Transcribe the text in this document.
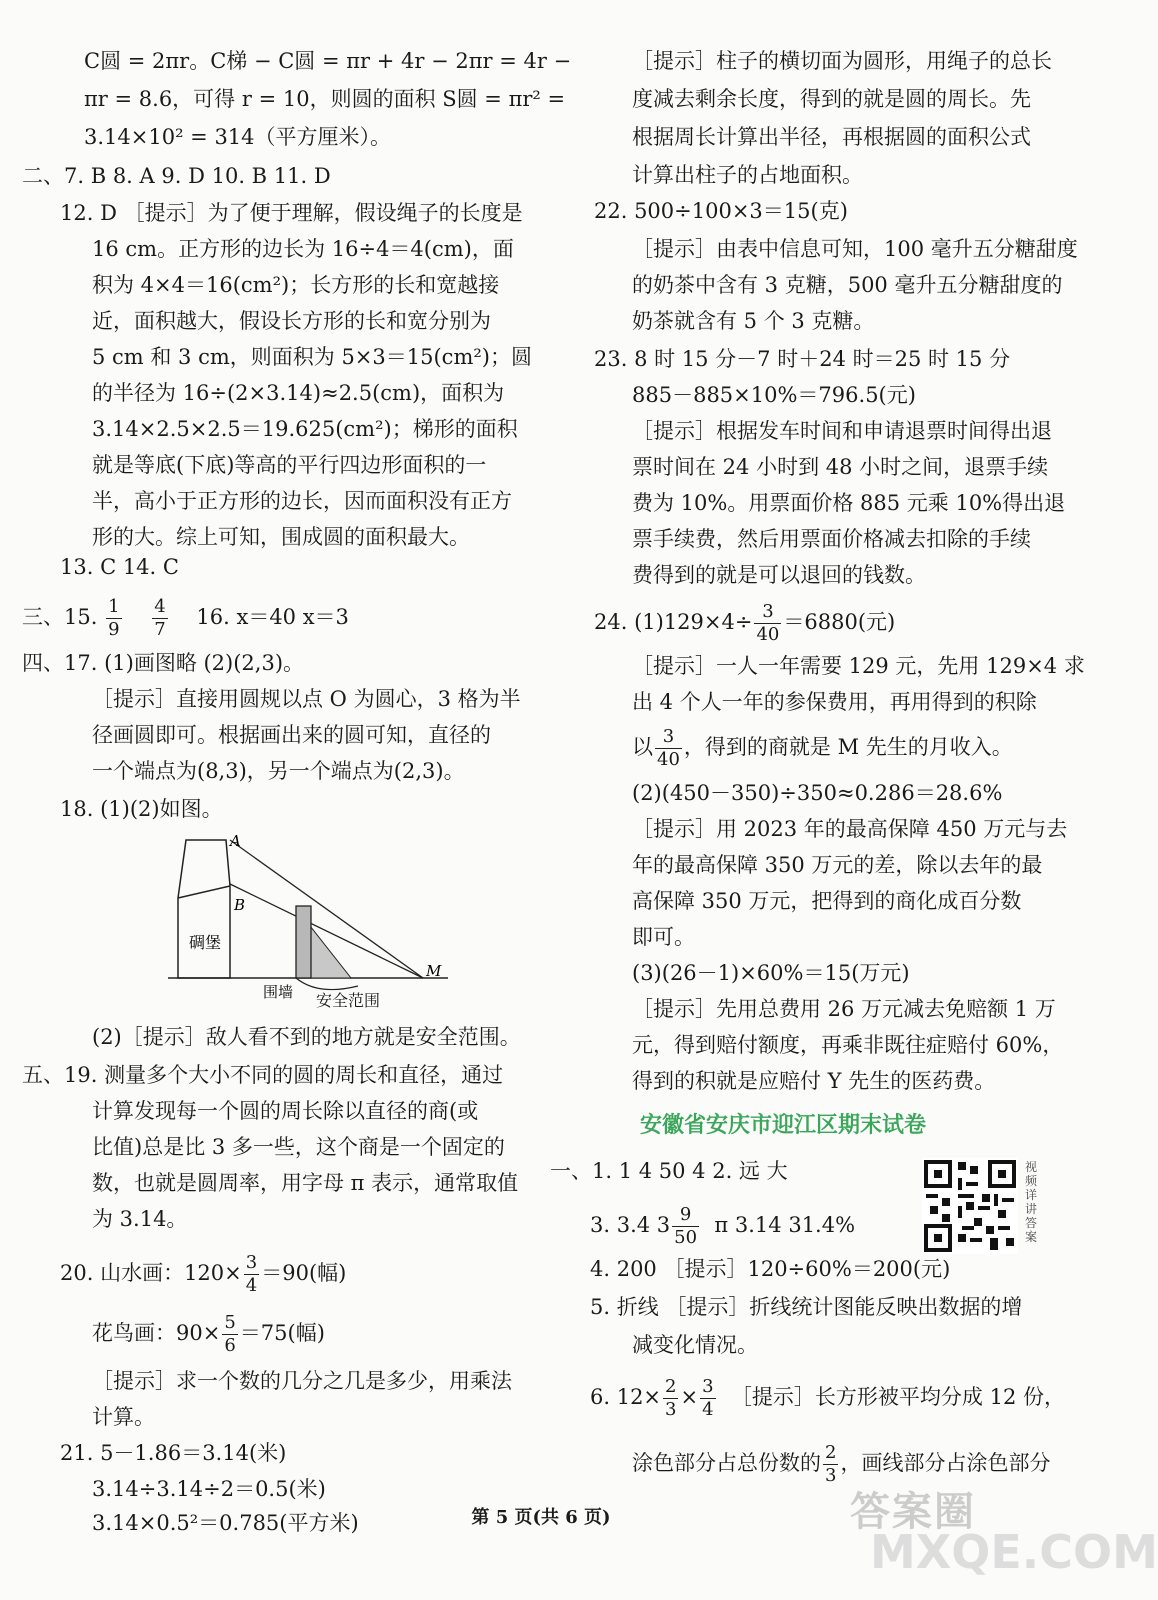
C圆 = 2πr。C梯 − C圆 = πr + 4r − 2πr = 4r −
πr = 8.6，可得 r = 10，则圆的面积 S圆 = πr² =
3.14×10² = 314（平方厘米）。
二、7. B 8. A 9. D 10. B 11. D
12. D ［提示］为了便于理解，假设绳子的长度是
16 cm。正方形的边长为 16÷4＝4(cm)，面
积为 4×4＝16(cm²)；长方形的长和宽越接
近，面积越大，假设长方形的长和宽分别为
5 cm 和 3 cm，则面积为 5×3＝15(cm²)；圆
的半径为 16÷(2×3.14)≈2.5(cm)，面积为
3.14×2.5×2.5＝19.625(cm²)；梯形的面积
就是等底(下底)等高的平行四边形面积的一
半，高小于正方形的边长，因而面积没有正方
形的大。综上可知，围成圆的面积最大。
13. C 14. C
三、15. $\frac{1}{9}$
$\frac{4}{7} 16$. x＝40 x＝3
四、17. (1)画图略 (2)(2,3)。
［提示］直接用圆规以点 O 为圆心，3 格为半
径画圆即可。根据画出来的圆可知，直径的
一个端点为(8,3)，另一个端点为(2,3)。
18. (1)(2)如图。
碉堡
A
B
M
围墙 安全范围
(2)［提示］敌人看不到的地方就是安全范围。
五、19. 测量多个大小不同的圆的周长和直径，通过
计算发现每一个圆的周长除以直径的商(或
比值)总是比 3 多一些，这个商是一个固定的
数，也就是圆周率，用字母 π 表示，通常取值
为 3.14。
20. 山水画：$120\times \frac{3}{4} =90$(幅)
花鸟画：$90\times \frac{5}{6} =75$(幅)
［提示］求一个数的几分之几是多少，用乘法
计算。
21. 5－1.86＝3.14(米)
3.14÷3.14÷2＝0.5(米)
3.14×0.5²＝0.785(平方米)
［提示］柱子的横切面为圆形，用绳子的总长
度减去剩余长度，得到的就是圆的周长。先
根据周长计算出半径，再根据圆的面积公式
计算出柱子的占地面积。
22. 500÷100×3＝15(克)
［提示］由表中信息可知，100 毫升五分糖甜度
的奶茶中含有 3 克糖，500 毫升五分糖甜度的
奶茶就含有 5 个 3 克糖。
23. 8 时 15 分－7 时＋24 时＝25 时 15 分
885－885×10%＝796.5(元)
［提示］根据发车时间和申请退票时间得出退
票时间在 24 小时到 48 小时之间，退票手续
费为 10%。用票面价格 885 元乘 10%得出退
票手续费，然后用票面价格减去扣除的手续
费得到的就是可以退回的钱数。
24. $(1)129\times 4\div \frac{3}{40} =6880$(元)
［提示］一人一年需要 129 元，先用 129×4 求
出 4 个人一年的参保费用，再用得到的积除
以 $\frac{3}{40}$ ，得到的商就是 M 先生的月收入。
(2)(450－350)÷350≈0.286＝28.6%
［提示］用 2023 年的最高保障 450 万元与去
年的最高保障 350 万元的差，除以去年的最
高保障 350 万元，把得到的商化成百分数
即可。
(3)(26－1)×60%＝15(万元)
［提示］先用总费用 26 万元减去免赔额 1 万
元，得到赔付额度，再乘非既往症赔付 60%，
得到的积就是应赔付 Y 先生的医药费。
安徽省安庆市迎江区期末试卷
一、1. 1 4 50 4 2. 远 大
3. 3.4 $3 \frac{9}{50}$ π 3.14 31.4%
4. 200 ［提示］120÷60%＝200(元)
5. 折线 ［提示］折线统计图能反映出数据的增
减变化情况。
6. $12\times \frac{2}{3} \times \frac{3}{4}$ ［提示］长方形被平均分成 12 份，
涂色部分占总份数的 $\frac{2}{3}$ ，画线部分占涂色部分
视频详讲答案
第 5 页(共 6 页)	答案圈
MXQE.COM
